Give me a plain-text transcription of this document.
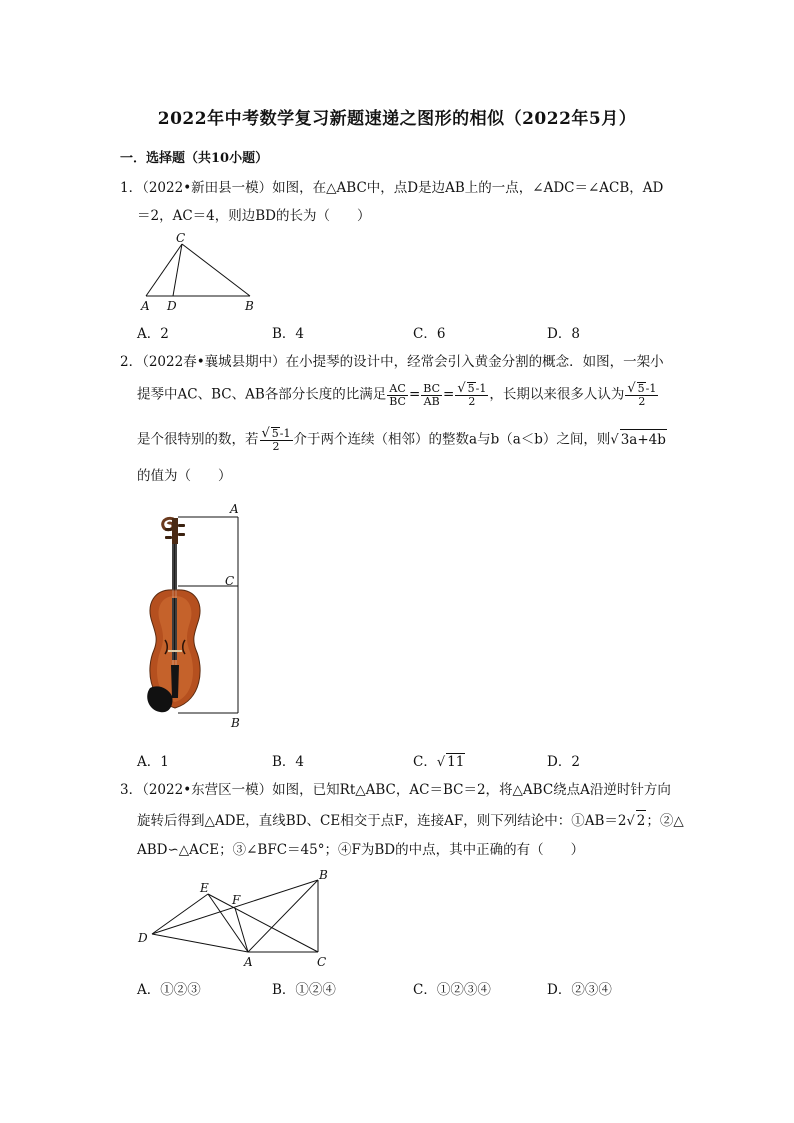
2022年中考数学复习新题速递之图形的相似（2022年5月）
一．选择题（共10小题）
1．（2022•新田县一模）如图，在△ABC中，点D是边AB上的一点，∠ADC＝∠ACB，AD
＝2，AC＝4，则边BD的长为（　　）
C
A D	B
A．2	B．4	C．6	D．8
2．（2022春•襄城县期中）在小提琴的设计中，经常会引入黄金分割的概念．如图，一架小
提琴中AC、BC、AB各部分长度的比满足 $\frac{AC}{BC} = \frac{BC}{AB} = \frac{√ 5-1}{2}$ ，长期以来很多人认为 $\frac{√ 5-1}{2}$
是个很特别的数，若 $\frac{√ 5-1}{2}$ 介于两个连续（相邻）的整数a与b（a＜b）之间，则√ 3a+4b
的值为（　　）
A
C
B
A．1	B．4	C．√ 11	D．2
3．（2022•东营区一模）如图，已知Rt△ABC，AC＝BC＝2，将△ABC绕点A沿逆时针方向
旋转后得到△ADE，直线BD、CE相交于点F，连接AF，则下列结论中：①AB＝2√ 2；②△
ABD∽△ACE；③∠BFC＝45°；④F为BD的中点，其中正确的有（　　）
E
F
B
D
A	C
A．①②③	B．①②④	C．①②③④	D．②③④
